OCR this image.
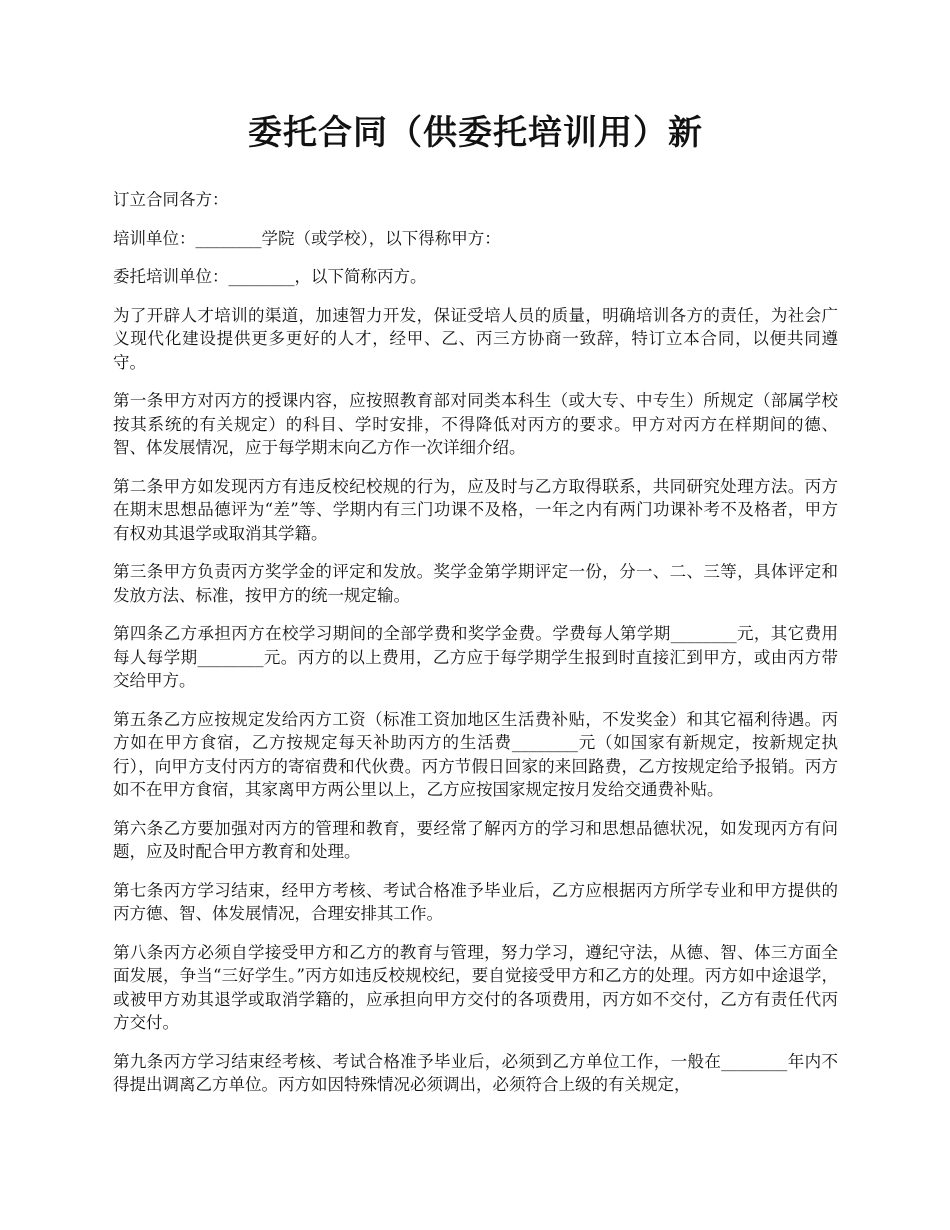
委托合同（供委托培训用）新

订立合同各方：

培训单位：________学院（或学校），以下得称甲方：

委托培训单位：________，以下简称丙方。

为了开辟人才培训的渠道，加速智力开发，保证受培人员的质量，明确培训各方的责任，为社会广义现代化建设提供更多更好的人才，经甲、乙、丙三方协商一致辞，特订立本合同，以便共同遵守。

第一条甲方对丙方的授课内容，应按照教育部对同类本科生（或大专、中专生）所规定（部属学校按其系统的有关规定）的科目、学时安排，不得降低对丙方的要求。甲方对丙方在样期间的德、智、体发展情况，应于每学期末向乙方作一次详细介绍。

第二条甲方如发现丙方有违反校纪校规的行为，应及时与乙方取得联系，共同研究处理方法。丙方在期末思想品德评为“差”等、学期内有三门功课不及格，一年之内有两门功课补考不及格者，甲方有权劝其退学或取消其学籍。

第三条甲方负责丙方奖学金的评定和发放。奖学金第学期评定一份，分一、二、三等，具体评定和发放方法、标准，按甲方的统一规定输。

第四条乙方承担丙方在校学习期间的全部学费和奖学金费。学费每人第学期________元，其它费用每人每学期________元。丙方的以上费用，乙方应于每学期学生报到时直接汇到甲方，或由丙方带交给甲方。

第五条乙方应按规定发给丙方工资（标准工资加地区生活费补贴，不发奖金）和其它福利待遇。丙方如在甲方食宿，乙方按规定每天补助丙方的生活费________元（如国家有新规定，按新规定执行），向甲方支付丙方的寄宿费和代伙费。丙方节假日回家的来回路费，乙方按规定给予报销。丙方如不在甲方食宿，其家离甲方两公里以上，乙方应按国家规定按月发给交通费补贴。

第六条乙方要加强对丙方的管理和教育，要经常了解丙方的学习和思想品德状况，如发现丙方有问题，应及时配合甲方教育和处理。

第七条丙方学习结束，经甲方考核、考试合格准予毕业后，乙方应根据丙方所学专业和甲方提供的丙方德、智、体发展情况，合理安排其工作。

第八条丙方必须自学接受甲方和乙方的教育与管理，努力学习，遵纪守法，从德、智、体三方面全面发展，争当“三好学生。”丙方如违反校规校纪，要自觉接受甲方和乙方的处理。丙方如中途退学，或被甲方劝其退学或取消学籍的，应承担向甲方交付的各项费用，丙方如不交付，乙方有责任代丙方交付。

第九条丙方学习结束经考核、考试合格准予毕业后，必须到乙方单位工作，一般在________年内不得提出调离乙方单位。丙方如因特殊情况必须调出，必须符合上级的有关规定，
